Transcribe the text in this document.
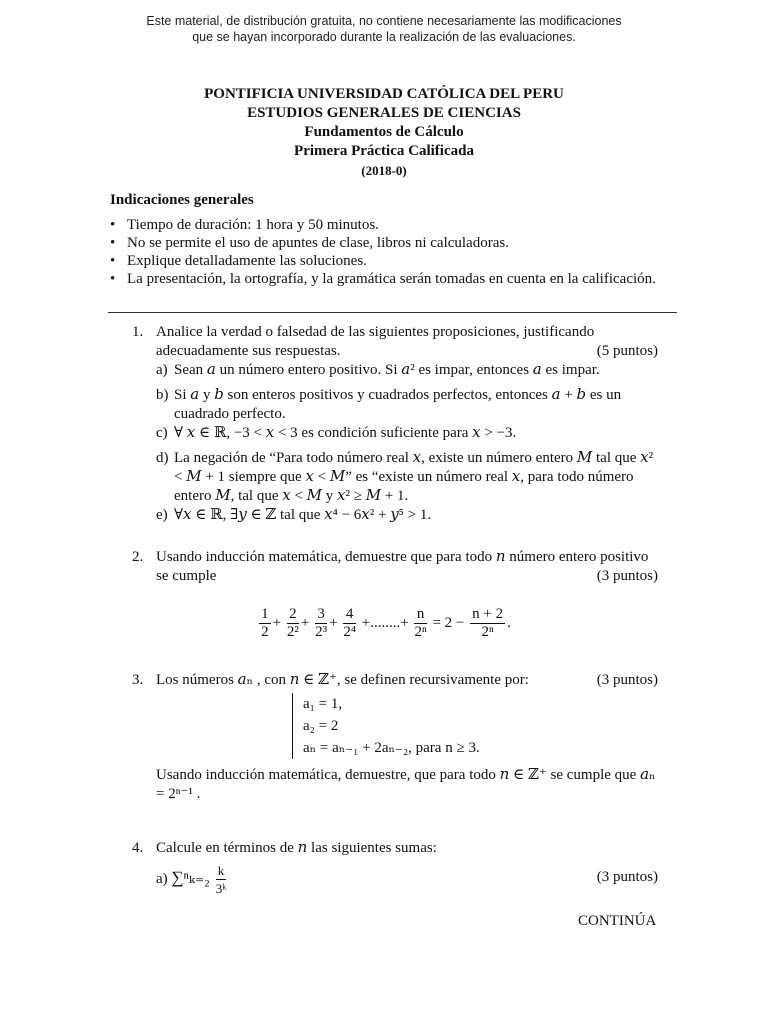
Este material, de distribución gratuita, no contiene necesariamente las modificaciones
que se hayan incorporado durante la realización de las evaluaciones.
PONTIFICIA UNIVERSIDAD CATÓLICA DEL PERU
ESTUDIOS GENERALES DE CIENCIAS
Fundamentos de Cálculo
Primera Práctica Calificada
(2018-0)
Indicaciones generales
• Tiempo de duración: 1 hora y 50 minutos.
• No se permite el uso de apuntes de clase, libros ni calculadoras.
• Explique detalladamente las soluciones.
• La presentación, la ortografía, y la gramática serán tomadas en cuenta en la calificación.
1. Analice la verdad o falsedad de las siguientes proposiciones, justificando adecuadamente sus respuestas.	(5 puntos)
a) Sean 𝑎 un número entero positivo. Si 𝑎² es impar, entonces 𝑎 es impar.
b) Si 𝑎 y 𝑏 son enteros positivos y cuadrados perfectos, entonces 𝑎 + 𝑏 es un cuadrado perfecto.
c) ∀ 𝑥 ∈ ℝ, −3 < 𝑥 < 3 es condición suficiente para 𝑥 > −3.
d) La negación de “Para todo número real 𝑥, existe un número entero 𝑀 tal que 𝑥² < 𝑀 + 1 siempre que 𝑥 < 𝑀” es “existe un número real 𝑥, para todo número entero 𝑀, tal que 𝑥 < 𝑀 y 𝑥² ≥ 𝑀 + 1.
e) ∀𝑥 ∈ ℝ, ∃𝑦 ∈ ℤ tal que 𝑥⁴ − 6𝑥² + 𝑦⁵ > 1.
2. Usando inducción matemática, demuestre que para todo 𝑛 número entero positivo se cumple	(3 puntos)
$\frac{1}{2} + \frac{2}{\text{2²}} + \frac{3}{\text{2³}} + \frac{4}{\text{2⁴}}$ +........+ $\frac{n}{\text{2ⁿ}} = 2 - \frac{n + 2}{\text{2ⁿ}}$ .
3. Los números 𝑎ₙ , con 𝑛 ∈ ℤ⁺, se definen recursivamente por:	(3 puntos)
a₁ = 1,
a₂ = 2
aₙ = aₙ₋₁ + 2aₙ₋₂, para n ≥ 3.
Usando inducción matemática, demuestre, que para todo 𝑛 ∈ ℤ⁺ se cumple que 𝑎ₙ = 2ⁿ⁻¹ .
4. Calcule en términos de 𝑛 las siguientes sumas:
a) $\sum^n_{k=2} \frac{k}{\text{3ᵏ}}$	(3 puntos)
CONTINÚA
